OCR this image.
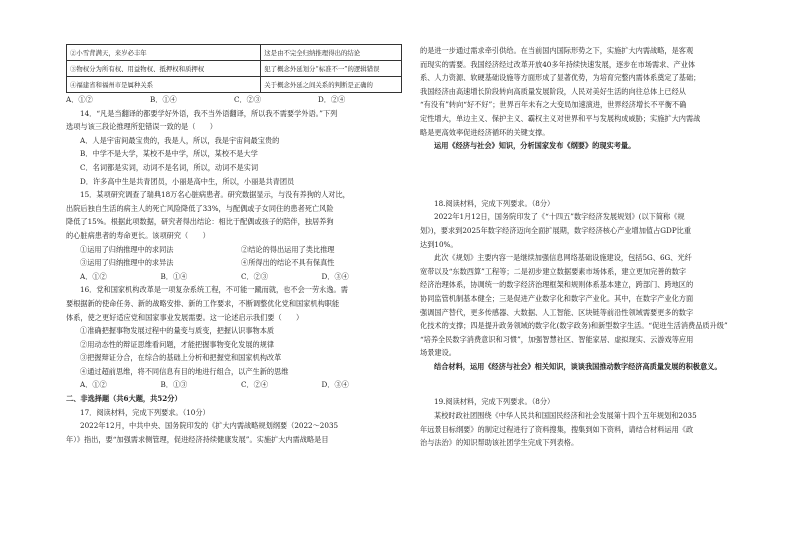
②小雪背满天，来岁必丰年	这是由不完全归纳推理得出的结论
③物权分为所有权、用益物权、抵押权和质押权	犯了概念外延划分“标准不一”的逻辑错误
④福建省和福州市是属种关系	关于概念外延之间关系的判断是正确的
A．①②	B．①④	C．②③	D．②④

14．“凡是当翻译的都要学好外语，我不当外语翻译，所以我不需要学外语。”下列

选项与该三段论推理所犯错误一致的是（　　）

A．人是宇宙间最宝贵的，我是人，所以，我是宇宙间最宝贵的

B．中学不是大学，某校不是中学，所以，某校不是大学

C．名词都是实词，动词不是名词，所以，动词不是实词

D．许多高中生是共青团员，小丽是高中生，所以，小丽是共青团员

15．某项研究调查了瑞典18万名心脏病患者。研究数据显示，与没有养狗的人对比，

出院后独自生活的病主人的死亡风险降低了33%，与配偶或子女同住的患者死亡风险

降低了15%。根据此项数据，研究者得出结论：相比于配偶或孩子的陪伴，独居养狗

的心脏病患者的寿命更长。该项研究（　　）

①运用了归纳推理中的求同法	②结论的得出运用了类比推理
③运用了归纳推理中的求异法	④所得出的结论不具有保真性
A．①②	B．①④	C．②③	D．③④

16．党和国家机构改革是一项复杂系统工程，不可能一蹴而就，也不会一劳永逸。需

要根据新的使命任务、新的战略安排、新的工作要求，不断调整优化党和国家机构职能

体系，使之更好适应党和国家事业发展需要。这一论述启示我们要（　　）

①准确把握事物发展过程中的量变与质变，把握认识事物本质

②用动态性的辩证思维看问题，才能把握事物变化发展的规律

③把握辩证分合，在综合的基础上分析和把握党和国家机构改革

④通过超前思维，将不同信息有目的地进行组合，以产生新的思维

A．①②	B．①③	C．②④	D．③④

二、非选择题（共6大题，共52分）

17．阅读材料，完成下列要求。（10分）

2022年12月，中共中央、国务院印发的《扩大内需战略规划纲要（2022～2035

年）》指出，要“加强需求侧管理，促进经济持续健康发展”。实施扩大内需战略是目

的是进一步通过需求牵引供给。在当前国内国际形势之下，实施扩大内需战略，是客观

而现实的需要。我国经济经过改革开放40多年持续快速发展，逐步在市场需求、产业体

系、人力资源、软硬基础设施等方面形成了显著优势，为培育完整内需体系奠定了基础；

我国经济由高速增长阶段转向高质量发展阶段，人民对美好生活的向往总体上已经从

“有没有”转向“好不好”；世界百年未有之大变局加速演进，世界经济增长不平衡不确

定性增大，单边主义、保护主义、霸权主义对世界和平与发展构成威胁；实施扩大内需战

略是更高效率促进经济循环的关键支撑。

运用《经济与社会》知识，分析国家发布《纲要》的现实考量。

18.阅读材料，完成下列要求。（8分）

2022年1月12日，国务院印发了《“十四五”数字经济发展规划》(以下简称《规

划》)，要求到2025年数字经济迈向全面扩展期，数字经济核心产业增加值占GDP比重

达到10%。

此次《规划》主要内容一是继续加强信息网络基础设施建设，包括5G、6G、光纤

宽带以及“东数西算”工程等；二是初步建立数据要素市场体系，建立更加完善的数字

经济治理体系，协调统一的数字经济治理框架和规则体系基本建立，跨部门、跨地区的

协同监管机制基本健全；三是促进产业数字化和数字产业化。其中，在数字产业化方面

强调国产替代，更多传感器、大数据、人工智能、区块链等前沿性领域需要更多的数字

化技术的支撑；四是提升政务领域的数字化(数字政务)和新型数字生活。“促进生活消费品质升级”

“培养全民数字消费意识和习惯”，加强智慧社区、智能家居、虚拟现实、云游戏等应用

场景建设。

结合材料，运用《经济与社会》相关知识，谈谈我国推动数字经济高质量发展的积极意义。

19.阅读材料，完成下列要求。（8分）

某校时政社团围绕《中华人民共和国国民经济和社会发展第十四个五年规划和2035

年远景目标纲要》的制定过程进行了资料搜集，搜集到如下资料，请结合材料运用《政

治与法治》的知识帮助该社团学生完成下列表格。
